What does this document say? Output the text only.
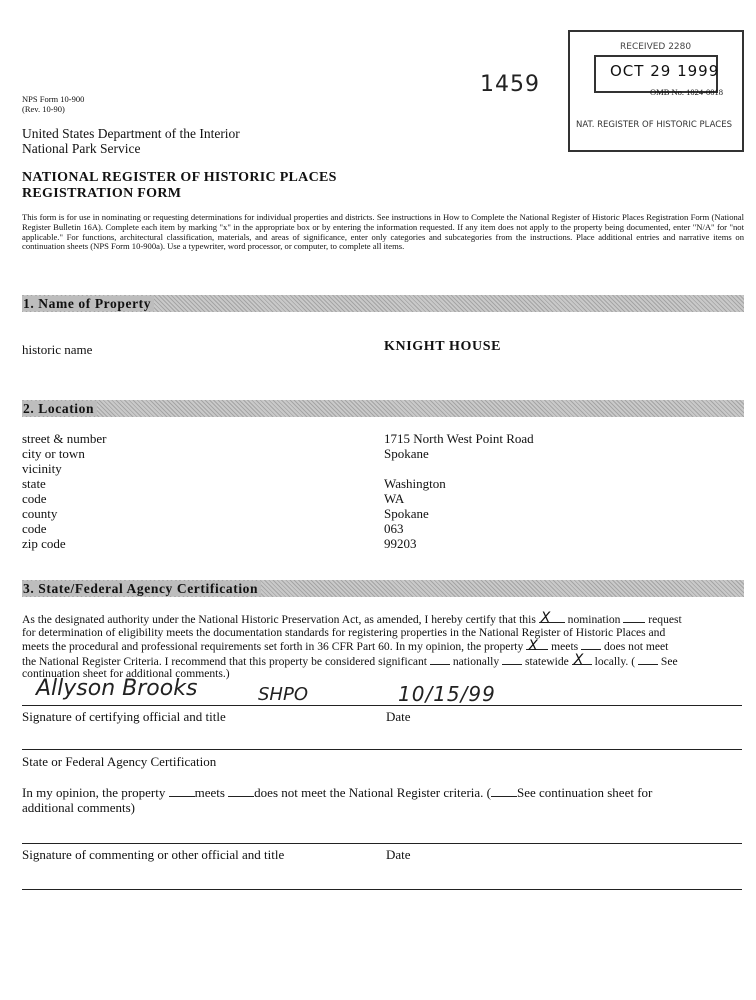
NPS Form 10-900
(Rev. 10-90)
United States Department of the Interior
National Park Service
NATIONAL REGISTER OF HISTORIC PLACES
REGISTRATION FORM
1459
RECEIVED 2280
OCT 29 1999
OMB No. 1024-0018
NAT. REGISTER OF HISTORIC PLACES
This form is for use in nominating or requesting determinations for individual properties and districts. See instructions in How to Complete the National Register of Historic Places Registration Form (National Register Bulletin 16A). Complete each item by marking "x" in the appropriate box or by entering the information requested. If any item does not apply to the property being documented, enter "N/A" for "not applicable." For functions, architectural classification, materials, and areas of significance, enter only categories and subcategories from the instructions. Place additional entries and narrative items on continuation sheets (NPS Form 10-900a). Use a typewriter, word processor, or computer, to complete all items.
1. Name of Property
historic name	KNIGHT HOUSE
2. Location
street & number	1715 North West Point Road
city or town	Spokane
vicinity
state	Washington
code	WA
county	Spokane
code	063
zip code	99203
3. State/Federal Agency Certification
As the designated authority under the National Historic Preservation Act, as amended, I hereby certify that this X nomination request
for determination of eligibility meets the documentation standards for registering properties in the National Register of Historic Places and
meets the procedural and professional requirements set forth in 36 CFR Part 60. In my opinion, the property X meets does not meet
the National Register Criteria. I recommend that this property be considered significant nationally statewide X locally. ( See
continuation sheet for additional comments.)
Allyson Brooks	SHPO	10/15/99
Signature of certifying official and title	Date
State or Federal Agency Certification
In my opinion, the property meets does not meet the National Register criteria. ( See continuation sheet for
additional comments)
Signature of commenting or other official and title	Date
